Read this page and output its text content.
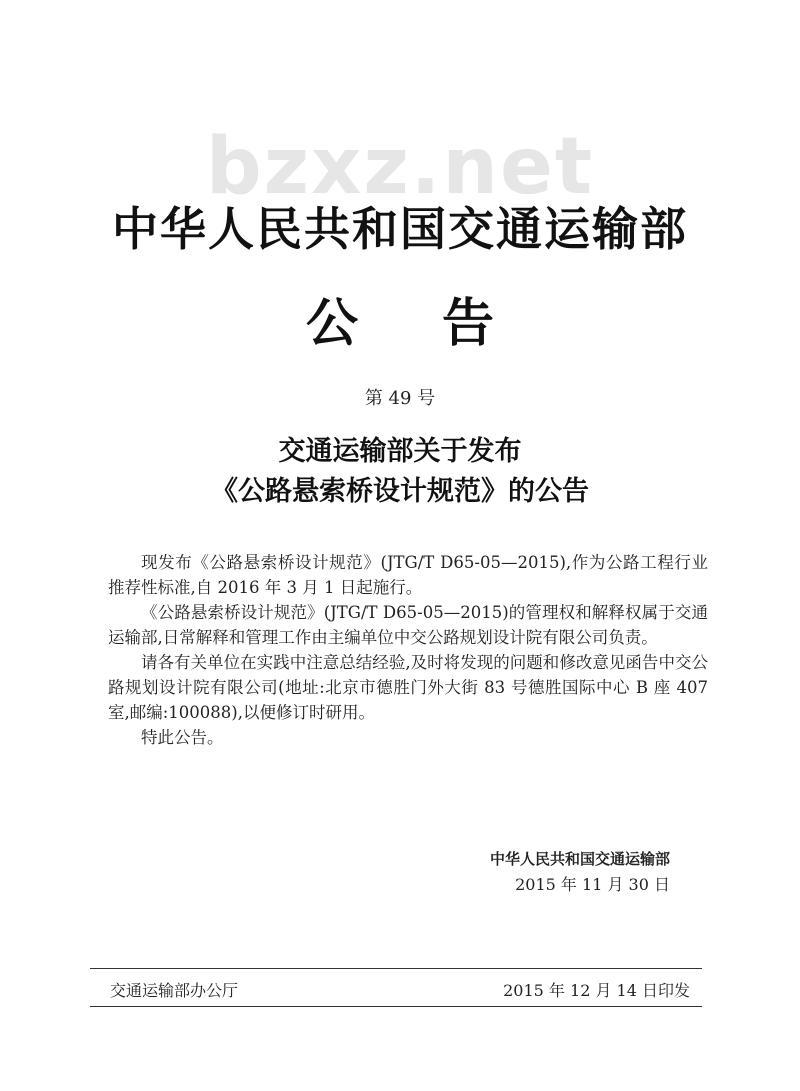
bzxz.net
中华人民共和国交通运输部
公 告
第 49 号
交通运输部关于发布
《公路悬索桥设计规范》的公告

现发布《公路悬索桥设计规范》(JTG/T D65-05—2015),作为公路工程行业推荐性标准,自 2016 年 3 月 1 日起施行。

《公路悬索桥设计规范》(JTG/T D65-05—2015)的管理权和解释权属于交通运输部,日常解释和管理工作由主编单位中交公路规划设计院有限公司负责。

请各有关单位在实践中注意总结经验,及时将发现的问题和修改意见函告中交公路规划设计院有限公司(地址:北京市德胜门外大街 83 号德胜国际中心 B 座 407 室,邮编:100088),以便修订时研用。

特此公告。

中华人民共和国交通运输部
2015 年 11 月 30 日
交通运输部办公厅	2015 年 12 月 14 日印发
